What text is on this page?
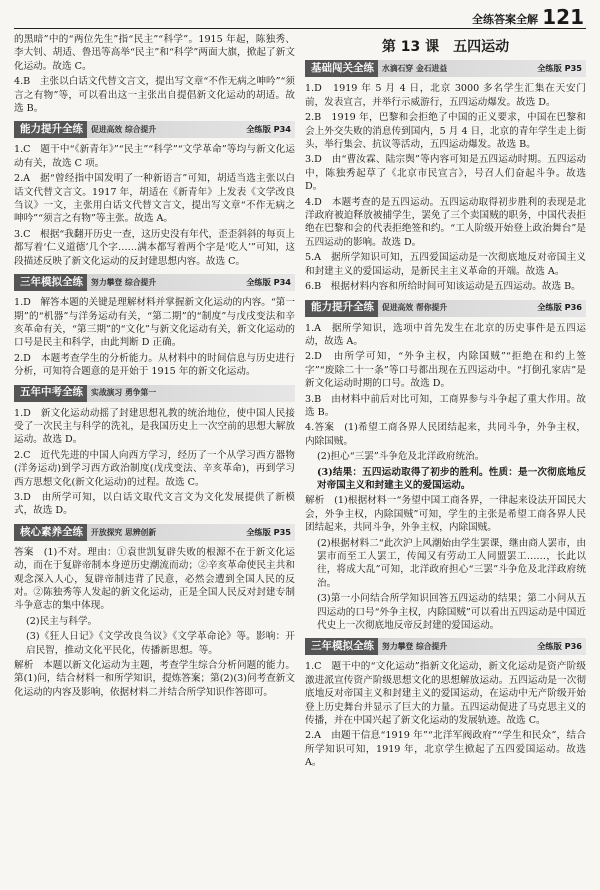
全练答案全解 121

的黑暗”中的“两位先生”指“民主”“科学”。1915 年起，陈独秀、李大钊、胡适、鲁迅等高举“民主”和“科学”两面大旗，掀起了新文化运动。故选 C。

4.B　主张以白话文代替文言文，提出写文章“不作无病之呻吟”“须言之有物”等，可以看出这一主张出自提倡新文化运动的胡适。故选 B。

能力提升全练	促进高效 综合提升	全练版 P34

1.C　题干中“《新青年》”“民主”“科学”“文学革命”等均与新文化运动有关，故选 C 项。

2.A　据“曾经指中国发明了一种新语言”可知，胡适当选主张以白话文代替文言文。1917 年，胡适在《新青年》上发表《文学改良刍议》一文，主张用白话文代替文言文，提出写文章“不作无病之呻吟”“须言之有物”等主张。故选 A。

3.C　根据“我翻开历史一查，这历史没有年代，歪歪斜斜的每页上都写着‘仁义道德’几个字……满本都写着两个字是‘吃人’”可知，这段描述反映了新文化运动的反封建思想内容。故选 C。

三年模拟全练	努力攀登 综合提升	全练版 P34

1.D　解答本题的关键是理解材料并掌握新文化运动的内容。“第一期”的“机器”与洋务运动有关，“第二期”的“制度”与戊戌变法和辛亥革命有关，“第三期”的“文化”与新文化运动有关，新文化运动的口号是民主和科学，由此判断 D 正确。

2.D　本题考查学生的分析能力。从材料中的时间信息与历史进行分析，可知符合题意的是开始于 1915 年的新文化运动。

五年中考全练	实战演习 勇争第一

1.D　新文化运动动摇了封建思想礼教的统治地位，使中国人民接受了一次民主与科学的洗礼，是我国历史上一次空前的思想大解放运动。故选 D。

2.C　近代先进的中国人向西方学习，经历了一个从学习西方器物(洋务运动)到学习西方政治制度(戊戌变法、辛亥革命)，再到学习西方思想文化(新文化运动)的过程。故选 C。

3.D　由所学可知，以白话文取代文言文为文化发展提供了新模式，故选 D。

核心素养全练	开放探究 思辨创新	全练版 P35

答案　(1)不对。理由：①袁世凯复辟失败的根源不在于新文化运动，而在于复辟帝制本身逆历史潮流而动；②辛亥革命使民主共和观念深入人心，复辟帝制违背了民意，必然会遭到全国人民的反对。②陈独秀等人发起的新文化运动，正是全国人民反对封建专制斗争意志的集中体现。

(2)民主与科学。

(3)《狂人日记》《文学改良刍议》《文学革命论》等。影响：开启民智，推动文化平民化，传播新思想。等。

解析　本题以新文化运动为主题，考查学生综合分析问题的能力。第(1)问，结合材料一和所学知识，提炼答案；第(2)(3)问考查新文化运动的内容及影响，依据材料二并结合所学知识作答即可。

第 13 课　五四运动
基础闯关全练	水滴石穿 金石进益	全练版 P35

1.D　1919 年 5 月 4 日，北京 3000 多名学生汇集在天安门前，发表宣言，并举行示威游行，五四运动爆发。故选 D。

2.B　1919 年，巴黎和会拒绝了中国的正义要求，中国在巴黎和会上外交失败的消息传到国内，5 月 4 日，北京的青年学生走上街头，举行集会、抗议等活动，五四运动爆发。故选 B。

3.D　由“曹汝霖、陆宗舆”等内容可知是五四运动时期。五四运动中，陈独秀起草了《北京市民宣言》，号召人们奋起斗争。故选 D。

4.D　本题考查的是五四运动。五四运动取得初步胜利的表现是北洋政府被迫释放被捕学生，罢免了三个卖国贼的职务，中国代表拒绝在巴黎和会的代表拒绝签和约。“工人阶级开始登上政治舞台”是五四运动的影响。故选 D。

5.A　据所学知识可知，五四爱国运动是一次彻底地反对帝国主义和封建主义的爱国运动，是新民主主义革命的开端。故选 A。

6.B　根据材料内容和所给时间可知该运动是五四运动。故选 B。

能力提升全练	促进高效 帮你提升	全练版 P36

1.A　据所学知识，选项中首先发生在北京的历史事件是五四运动，故选 A。

2.D　由所学可知，“外争主权，内除国贼”“拒绝在和约上签字”“废除二十一条”等口号都出现在五四运动中。“打倒孔家店”是新文化运动时期的口号。故选 D。

3.B　由材料中前后对比可知，工商界参与斗争起了重大作用。故选 B。

4.答案　(1)希望工商各界人民团结起来，共同斗争，外争主权，内除国贼。

(2)担心“三罢”斗争危及北洋政府统治。

(3)结果：五四运动取得了初步的胜利。性质：是一次彻底地反对帝国主义和封建主义的爱国运动。

解析　(1)根据材料一“务望中国工商各界，一律起来设法开国民大会，外争主权，内除国贼”可知，学生的主张是希望工商各界人民团结起来，共同斗争，外争主权，内除国贼。

(2)根据材料二“此次沪上风潮始由学生罢课，继由商人罢市，由罢市而至工人罢工，传闻又有劳动工人同盟罢工……，长此以往，将成大乱”可知，北洋政府担心“三罢”斗争危及北洋政府统治。

(3)第一小问结合所学知识回答五四运动的结果；第二小问从五四运动的口号“外争主权，内除国贼”可以看出五四运动是中国近代史上一次彻底地反帝反封建的爱国运动。

三年模拟全练	努力攀登 综合提升	全练版 P36

1.C　题干中的“文化运动”指新文化运动，新文化运动是资产阶级激进派宣传资产阶级思想文化的思想解放运动。五四运动是一次彻底地反对帝国主义和封建主义的爱国运动，在运动中无产阶级开始登上历史舞台并显示了巨大的力量。五四运动促进了马克思主义的传播，并在中国兴起了新文化运动的发展轨迹。故选 C。

2.A　由题干信息“1919 年”“北洋军阀政府”“学生和民众”，结合所学知识可知，1919 年，北京学生掀起了五四爱国运动。故选 A。
